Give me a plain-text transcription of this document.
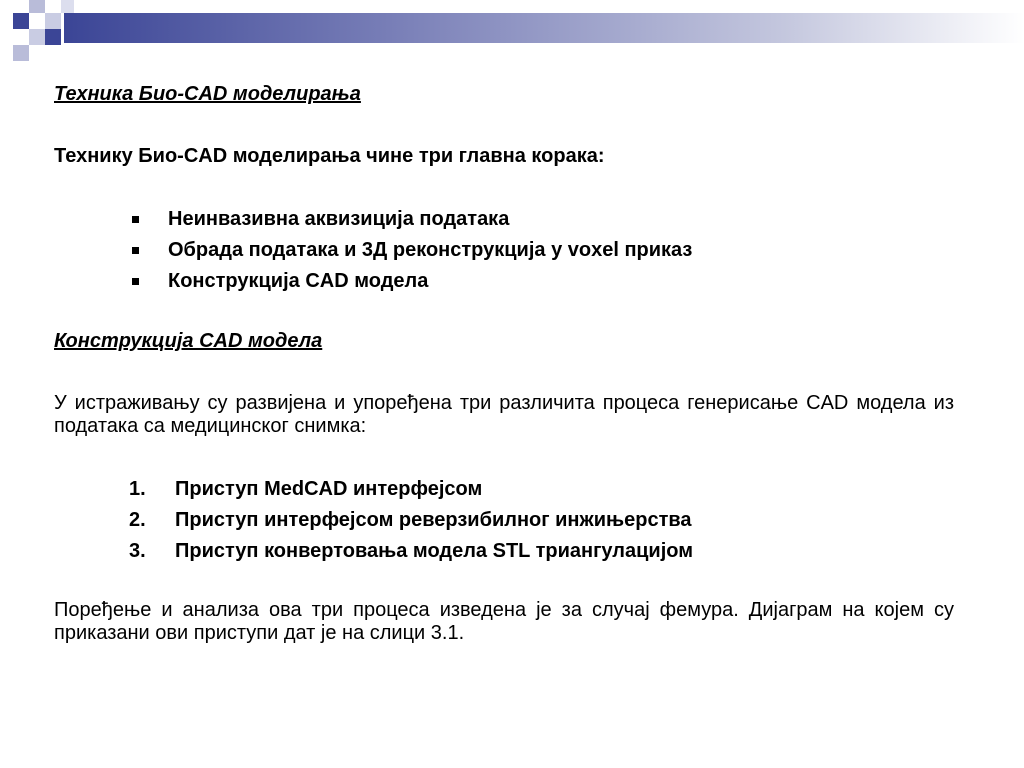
Техника Био-CAD моделирања
Технику Био-CAD моделирања чине три главна корака:
Неинвазивна аквизиција података
Обрада података и 3Д реконструкција у voxel приказ
Конструкција CAD модела
Конструкција CAD модела
У истраживању су развијена и упоређена три различита процеса генерисање CAD модела из података са медицинског снимка:
1. Приступ MedCAD интерфејсом
2. Приступ интерфејсом реверзибилног инжињерства
3. Приступ конвертовања модела STL триангулацијом
Поређење и анализа ова три процеса изведена је за случај фемура. Дијаграм на којем су приказани ови приступи дат је на слици 3.1.
